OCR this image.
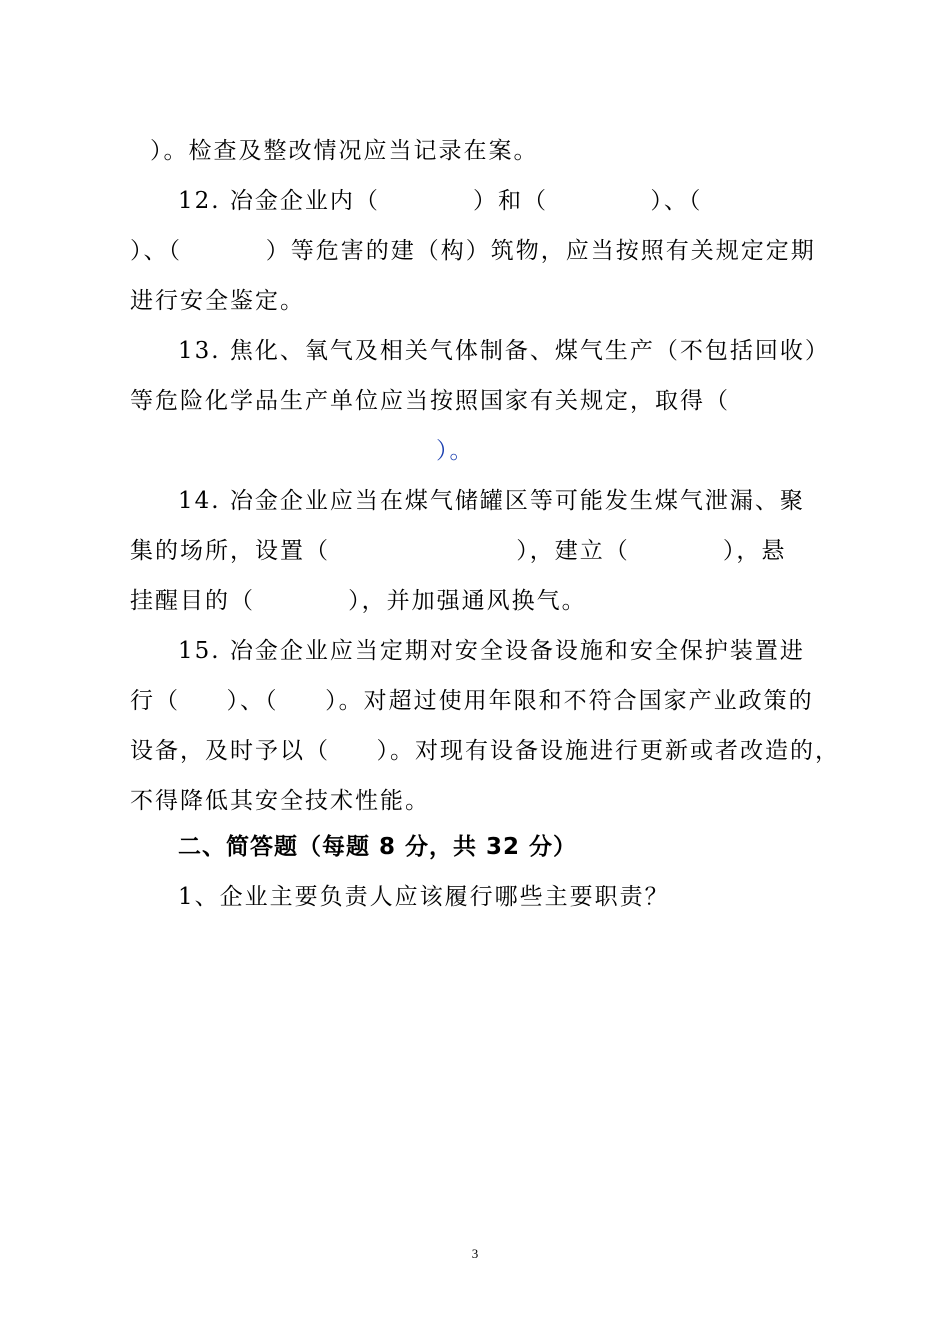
）。检查及整改情况应当记录在案。
12. 冶金企业内（          ）和（           ）、（
）、（         ）等危害的建（构）筑物，应当按照有关规定定期
进行安全鉴定。
13. 焦化、氧气及相关气体制备、煤气生产（不包括回收）
等危险化学品生产单位应当按照国家有关规定，取得（
）。
14. 冶金企业应当在煤气储罐区等可能发生煤气泄漏、聚
集的场所，设置（                    ），建立（          ），悬
挂醒目的（          ），并加强通风换气。
15. 冶金企业应当定期对安全设备设施和安全保护装置进
行（     ）、（     ）。对超过使用年限和不符合国家产业政策的
设备，及时予以（     ）。对现有设备设施进行更新或者改造的，
不得降低其安全技术性能。
二、简答题（每题 8 分，共 32 分）
1、企业主要负责人应该履行哪些主要职责？
3
